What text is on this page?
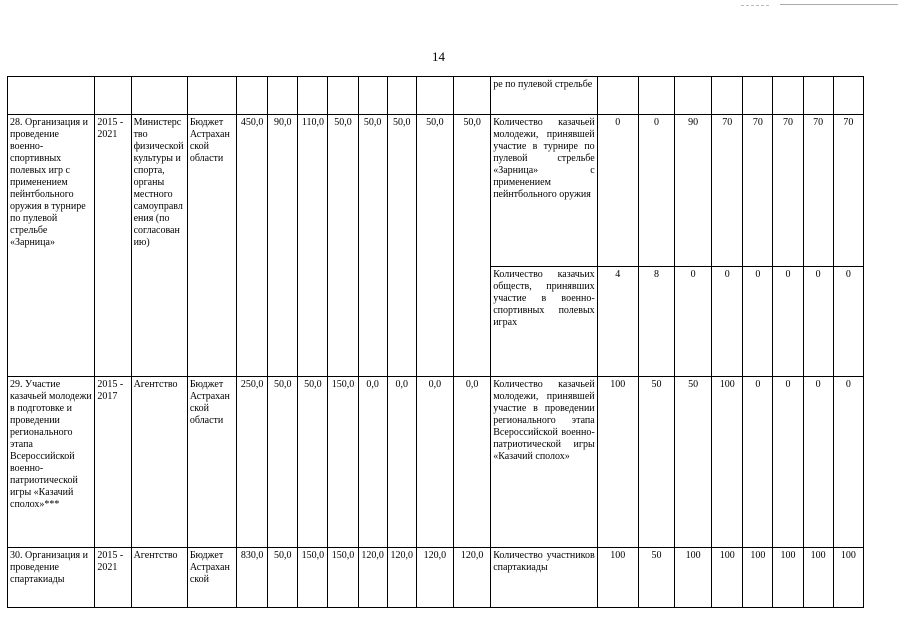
14
												ре по пулевой стрельбе								
28. Организация и проведение военно-спортивных полевых игр с применением пейнтбольного оружия в турнире по пулевой стрельбе «Зарница»	2015 - 2021	Министерство физической культуры и спорта, органы местного самоуправления (по согласованию)	Бюджет Астраханской области	450,0	90,0	110,0	50,0	50,0	50,0	50,0	50,0	Количество казачьей молодежи, принявшей участие в турнире по пулевой стрельбе «Зарница» с применением пейнтбольного оружия	0	0	90	70	70	70	70	70
												Количество казачьих обществ, принявших участие в военно-спортивных полевых играх	4	8	0	0	0	0	0	0
29. Участие казачьей молодежи в подготовке и проведении регионального этапа Всероссийской военно-патриотической игры «Казачий сполох»***	2015 - 2017	Агентство	Бюджет Астраханской области	250,0	50,0	50,0	150,0	0,0	0,0	0,0	0,0	Количество казачьей молодежи, принявшей участие в проведении регионального этапа Всероссийской военно-патриотической игры «Казачий сполох»	100	50	50	100	0	0	0	0
30. Организация и проведение спартакиады	2015 - 2021	Агентство	Бюджет Астраханской	830,0	50,0	150,0	150,0	120,0	120,0	120,0	120,0	Количество участников спартакиады	100	50	100	100	100	100	100	100
